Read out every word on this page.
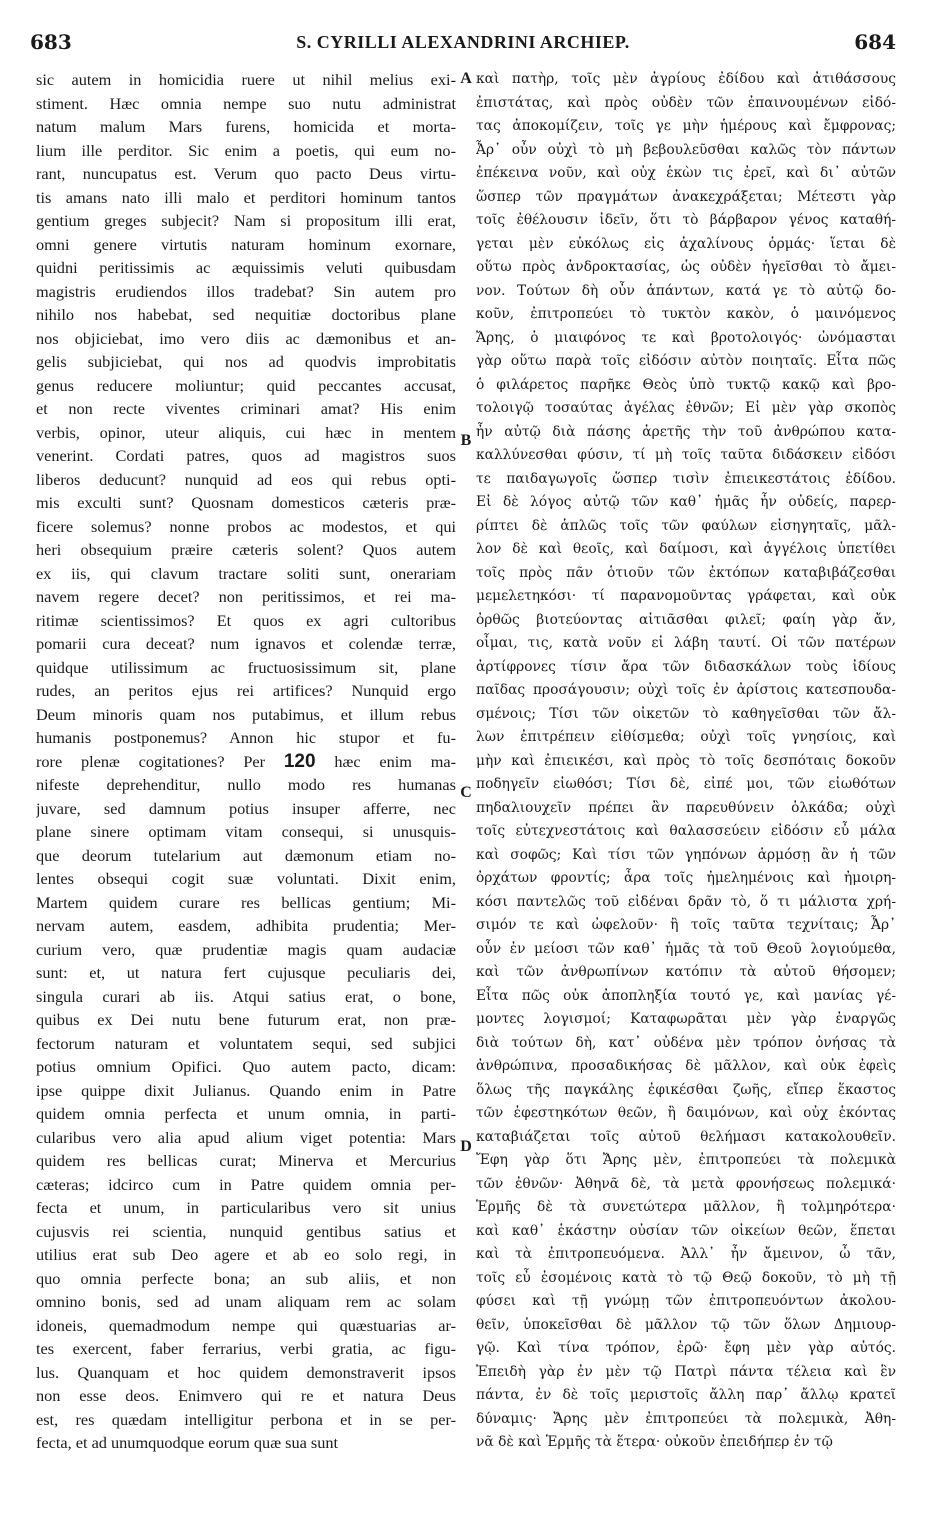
683	S. CYRILLI ALEXANDRINI ARCHIEP.	684
sic autem in homicidia ruere ut nihil melius exi-
stiment. Hæc omnia nempe suo nutu administrat
natum malum Mars furens, homicida et morta-
lium ille perditor. Sic enim a poetis, qui eum no-
rant, nuncupatus est. Verum quo pacto Deus virtu-
tis amans nato illi malo et perditori hominum tantos
gentium greges subjecit? Nam si propositum illi erat,
omni genere virtutis naturam hominum exornare,
quidni peritissimis ac æquissimis veluti quibusdam
magistris erudiendos illos tradebat? Sin autem pro
nihilo nos habebat, sed nequitiæ doctoribus plane
nos objiciebat, imo vero diis ac dæmonibus et an-
gelis subjiciebat, qui nos ad quodvis improbitatis
genus reducere moliuntur; quid peccantes accusat,
et non recte viventes criminari amat? His enim
verbis, opinor, uteur aliquis, cui hæc in mentem
venerint. Cordati patres, quos ad magistros suos
liberos deducunt? nunquid ad eos qui rebus opti-
mis exculti sunt? Quosnam domesticos cæteris præ-
ficere solemus? nonne probos ac modestos, et qui
heri obsequium præire cæteris solent? Quos autem
ex iis, qui clavum tractare soliti sunt, onerariam
navem regere decet? non peritissimos, et rei ma-
ritimæ scientissimos? Et quos ex agri cultoribus
pomarii cura deceat? num ignavos et colendæ terræ,
quidque utilissimum ac fructuosissimum sit, plane
rudes, an peritos ejus rei artifices? Nunquid ergo
Deum minoris quam nos putabimus, et illum rebus
humanis postponemus? Annon hic stupor et fu-
rore plenæ cogitationes? Per 120 hæc enim ma-
nifeste deprehenditur, nullo modo res humanas
juvare, sed damnum potius insuper afferre, nec
plane sinere optimam vitam consequi, si unusquis-
que deorum tutelarium aut dæmonum etiam no-
lentes obsequi cogit suæ voluntati. Dixit enim,
Martem quidem curare res bellicas gentium; Mi-
nervam autem, easdem, adhibita prudentia; Mer-
curium vero, quæ prudentiæ magis quam audaciæ
sunt: et, ut natura fert cujusque peculiaris dei,
singula curari ab iis. Atqui satius erat, o bone,
quibus ex Dei nutu bene futurum erat, non præ-
fectorum naturam et voluntatem sequi, sed subjici
potius omnium Opifici. Quo autem pacto, dicam:
ipse quippe dixit Julianus. Quando enim in Patre
quidem omnia perfecta et unum omnia, in parti-
cularibus vero alia apud alium viget potentia: Mars
quidem res bellicas curat; Minerva et Mercurius
cæteras; idcirco cum in Patre quidem omnia per-
fecta et unum, in particularibus vero sit unius
cujusvis rei scientia, nunquid gentibus satius et
utilius erat sub Deo agere et ab eo solo regi, in
quo omnia perfecte bona; an sub aliis, et non
omnino bonis, sed ad unam aliquam rem ac solam
idoneis, quemadmodum nempe qui quæstuarias ar-
tes exercent, faber ferrarius, verbi gratia, ac figu-
lus. Quanquam et hoc quidem demonstraverit ipsos
non esse deos. Enimvero qui re et natura Deus
est, res quædam intelligitur perbona et in se per-
fecta, et ad unumquodque eorum quæ sua sunt
A
B
C
D
καὶ πατὴρ, τοῖς μὲν ἀγρίους ἐδίδου καὶ ἀτιθάσσους
ἐπιστάτας, καὶ πρὸς οὐδὲν τῶν ἐπαινουμένων εἰδό-
τας ἀποκομίζειν, τοῖς γε μὴν ἡμέρους καὶ ἔμφρονας;
Ἆρ᾽ οὖν οὐχὶ τὸ μὴ βεβουλεῦσθαι καλῶς τὸν πάντων
ἐπέκεινα νοῦν, καὶ οὐχ ἑκὼν τις ἐρεῖ, καὶ δι᾽ αὐτῶν
ὥσπερ τῶν πραγμάτων ἀνακεχράξεται; Μέτεστι γὰρ
τοῖς ἐθέλουσιν ἰδεῖν, ὅτι τὸ βάρβαρον γένος καταθή-
γεται μὲν εὐκόλως εἰς ἀχαλίνους ὁρμάς· ἵεται δὲ
οὕτω πρὸς ἀνδροκτασίας, ὡς οὐδὲν ἡγεῖσθαι τὸ ἄμει-
νον. Τούτων δὴ οὖν ἁπάντων, κατά γε τὸ αὐτῷ δο-
κοῦν, ἐπιτροπεύει τὸ τυκτὸν κακὸν, ὁ μαινόμενος
Ἄρης, ὁ μιαιφόνος τε καὶ βροτολοιγός· ὠνόμασται
γὰρ οὕτω παρὰ τοῖς εἰδόσιν αὐτὸν ποιηταῖς. Εἶτα πῶς
ὁ φιλάρετος παρῆκε Θεὸς ὑπὸ τυκτῷ κακῷ καὶ βρο-
τολοιγῷ τοσαύτας ἀγέλας ἐθνῶν; Εἰ μὲν γὰρ σκοπὸς
ἦν αὐτῷ διὰ πάσης ἀρετῆς τὴν τοῦ ἀνθρώπου κατα-
καλλύνεσθαι φύσιν, τί μὴ τοῖς ταῦτα διδάσκειν εἰδόσι
τε παιδαγωγοῖς ὥσπερ τισὶν ἐπιεικεστάτοις ἐδίδου.
Εἰ δὲ λόγος αὐτῷ τῶν καθ᾽ ἡμᾶς ἦν οὐδείς, παρερ-
ρίπτει δὲ ἁπλῶς τοῖς τῶν φαύλων εἰσηγηταῖς, μᾶλ-
λον δὲ καὶ θεοῖς, καὶ δαίμοσι, καὶ ἀγγέλοις ὑπετίθει
τοῖς πρὸς πᾶν ὁτιοῦν τῶν ἐκτόπων καταβιβάζεσθαι
μεμελετηκόσι· τί παρανομοῦντας γράφεται, καὶ οὐκ
ὀρθῶς βιοτεύοντας αἰτιᾶσθαι φιλεῖ; φαίη γὰρ ἄν,
οἶμαι, τις, κατὰ νοῦν εἰ λάβη ταυτί. Οἱ τῶν πατέρων
ἀρτίφρονες τίσιν ἄρα τῶν διδασκάλων τοὺς ἰδίους
παῖδας προσάγουσιν; οὐχὶ τοῖς ἐν ἀρίστοις κατεσπουδα-
σμένοις; Τίσι τῶν οἰκετῶν τὸ καθηγεῖσθαι τῶν ἄλ-
λων ἐπιτρέπειν εἰθίσμεθα; οὐχὶ τοῖς γνησίοις, καὶ
μὴν καὶ ἐπιεικέσι, καὶ πρὸς τὸ τοῖς δεσπόταις δοκοῦν
ποδηγεῖν εἰωθόσι; Τίσι δὲ, εἰπέ μοι, τῶν εἰωθότων
πηδαλιουχεῖν πρέπει ἂν παρευθύνειν ὁλκάδα; οὐχὶ
τοῖς εὐτεχνεστάτοις καὶ θαλασσεύειν εἰδόσιν εὖ μάλα
καὶ σοφῶς; Καὶ τίσι τῶν γηπόνων ἁρμόσῃ ἂν ἡ τῶν
ὀρχάτων φροντίς; ἆρα τοῖς ἠμελημένοις καὶ ἠμοιρη-
κόσι παντελῶς τοῦ εἰδέναι δρᾶν τὸ, ὅ τι μάλιστα χρή-
σιμόν τε καὶ ὠφελοῦν· ἢ τοῖς ταῦτα τεχνίταις; Ἆρ᾽
οὖν ἐν μείοσι τῶν καθ᾽ ἡμᾶς τὰ τοῦ Θεοῦ λογιούμεθα,
καὶ τῶν ἀνθρωπίνων κατόπιν τὰ αὐτοῦ θήσομεν;
Εἶτα πῶς οὐκ ἀποπληξία τουτό γε, καὶ μανίας γέ-
μοντες λογισμοί; Καταφωρᾶται μὲν γὰρ ἐναργῶς
διὰ τούτων δὴ, κατ᾽ οὐδένα μὲν τρόπον ὀνήσας τὰ
ἀνθρώπινα, προσαδικήσας δὲ μᾶλλον, καὶ οὐκ ἐφεὶς
ὅλως τῆς παγκάλης ἐφικέσθαι ζωῆς, εἴπερ ἕκαστος
τῶν ἐφεστηκότων θεῶν, ἢ δαιμόνων, καὶ οὐχ ἑκόντας
καταβιάζεται τοῖς αὐτοῦ θελήμασι κατακολουθεῖν.
Ἔφη γὰρ ὅτι Ἄρης μὲν, ἐπιτροπεύει τὰ πολεμικὰ
τῶν ἐθνῶν· Ἀθηνᾶ δὲ, τὰ μετὰ φρονήσεως πολεμικά·
Ἑρμῆς δὲ τὰ συνετώτερα μᾶλλον, ἢ τολμηρότερα·
καὶ καθ᾽ ἑκάστην οὐσίαν τῶν οἰκείων θεῶν, ἕπεται
καὶ τὰ ἐπιτροπευόμενα. Ἀλλ᾽ ἦν ἄμεινον, ὦ τᾶν,
τοῖς εὖ ἐσομένοις κατὰ τὸ τῷ Θεῷ δοκοῦν, τὸ μὴ τῇ
φύσει καὶ τῇ γνώμῃ τῶν ἐπιτροπευόντων ἀκολου-
θεῖν, ὑποκεῖσθαι δὲ μᾶλλον τῷ τῶν ὅλων Δημιουρ-
γῷ. Καὶ τίνα τρόπον, ἐρῶ· ἔφη μὲν γὰρ αὐτός.
Ἐπειδὴ γὰρ ἐν μὲν τῷ Πατρὶ πάντα τέλεια καὶ ἓν
πάντα, ἐν δὲ τοῖς μεριστοῖς ἄλλη παρ᾽ ἄλλῳ κρατεῖ
δύναμις· Ἄρης μὲν ἐπιτροπεύει τὰ πολεμικὰ, Ἀθη-
νᾶ δὲ καὶ Ἑρμῆς τὰ ἕτερα· οὐκοῦν ἐπειδήπερ ἐν τῷ
